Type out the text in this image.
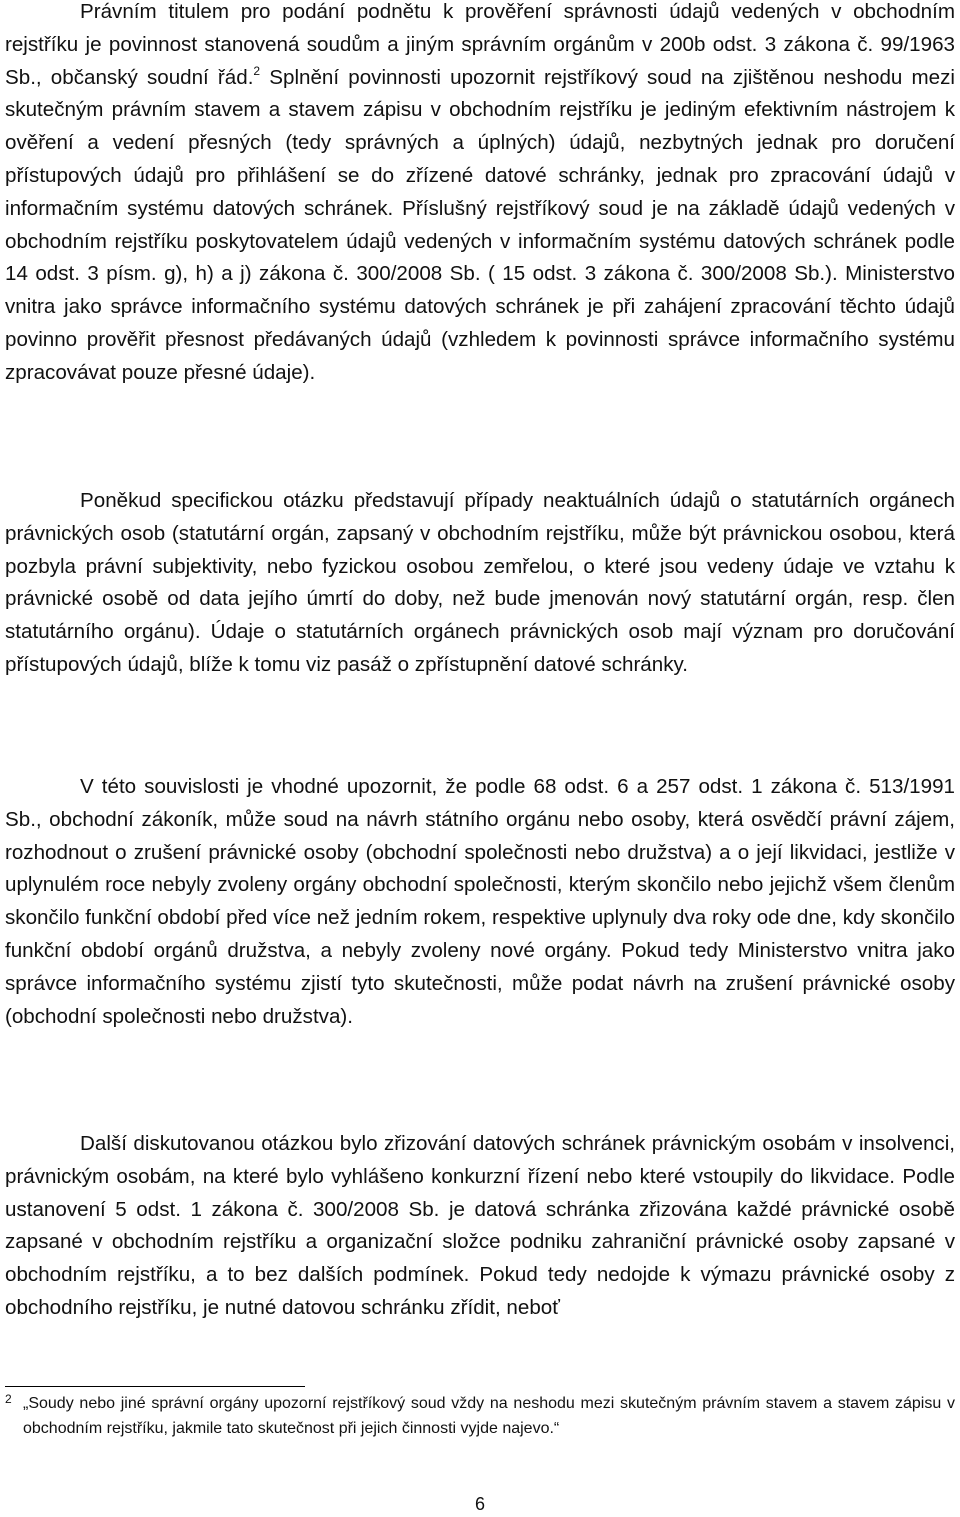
Právním titulem pro podání podnětu k prověření správnosti údajů vedených v obchodním rejstříku je povinnost stanovená soudům a jiným správním orgánům v 200b odst. 3 zákona č. 99/1963 Sb., občanský soudní řád.$^2$ Splnění povinnosti upozornit rejstříkový soud na zjištěnou neshodu mezi skutečným právním stavem a stavem zápisu v obchodním rejstříku je jediným efektivním nástrojem k ověření a vedení přesných (tedy správných a úplných) údajů, nezbytných jednak pro doručení přístupových údajů pro přihlášení se do zřízené datové schránky, jednak pro zpracování údajů v informačním systému datových schránek. Příslušný rejstříkový soud je na základě údajů vedených v obchodním rejstříku poskytovatelem údajů vedených v informačním systému datových schránek podle 14 odst. 3 písm. g), h) a j) zákona č. 300/2008 Sb. ( 15 odst. 3 zákona č. 300/2008 Sb.). Ministerstvo vnitra jako správce informačního systému datových schránek je při zahájení zpracování těchto údajů povinno prověřit přesnost předávaných údajů (vzhledem k povinnosti správce informačního systému zpracovávat pouze přesné údaje).

Poněkud specifickou otázku představují případy neaktuálních údajů o statutárních orgánech právnických osob (statutární orgán, zapsaný v obchodním rejstříku, může být právnickou osobou, která pozbyla právní subjektivity, nebo fyzickou osobou zemřelou, o které jsou vedeny údaje ve vztahu k právnické osobě od data jejího úmrtí do doby, než bude jmenován nový statutární orgán, resp. člen statutárního orgánu). Údaje o statutárních orgánech právnických osob mají význam pro doručování přístupových údajů, blíže k tomu viz pasáž o zpřístupnění datové schránky.

V této souvislosti je vhodné upozornit, že podle 68 odst. 6 a 257 odst. 1 zákona č. 513/1991 Sb., obchodní zákoník, může soud na návrh státního orgánu nebo osoby, která osvědčí právní zájem, rozhodnout o zrušení právnické osoby (obchodní společnosti nebo družstva) a o její likvidaci, jestliže v uplynulém roce nebyly zvoleny orgány obchodní společnosti, kterým skončilo nebo jejichž všem členům skončilo funkční období před více než jedním rokem, respektive uplynuly dva roky ode dne, kdy skončilo funkční období orgánů družstva, a nebyly zvoleny nové orgány. Pokud tedy Ministerstvo vnitra jako správce informačního systému zjistí tyto skutečnosti, může podat návrh na zrušení právnické osoby (obchodní společnosti nebo družstva).

Další diskutovanou otázkou bylo zřizování datových schránek právnickým osobám v insolvenci, právnickým osobám, na které bylo vyhlášeno konkurzní řízení nebo které vstoupily do likvidace. Podle ustanovení 5 odst. 1 zákona č. 300/2008 Sb. je datová schránka zřizována každé právnické osobě zapsané v obchodním rejstříku a organizační složce podniku zahraniční právnické osoby zapsané v obchodním rejstříku, a to bez dalších podmínek. Pokud tedy nedojde k výmazu právnické osoby z obchodního rejstříku, je nutné datovou schránku zřídit, neboť

2 „Soudy nebo jiné správní orgány upozorní rejstříkový soud vždy na neshodu mezi skutečným právním stavem a stavem zápisu v obchodním rejstříku, jakmile tato skutečnost při jejich činnosti vyjde najevo.“
6
